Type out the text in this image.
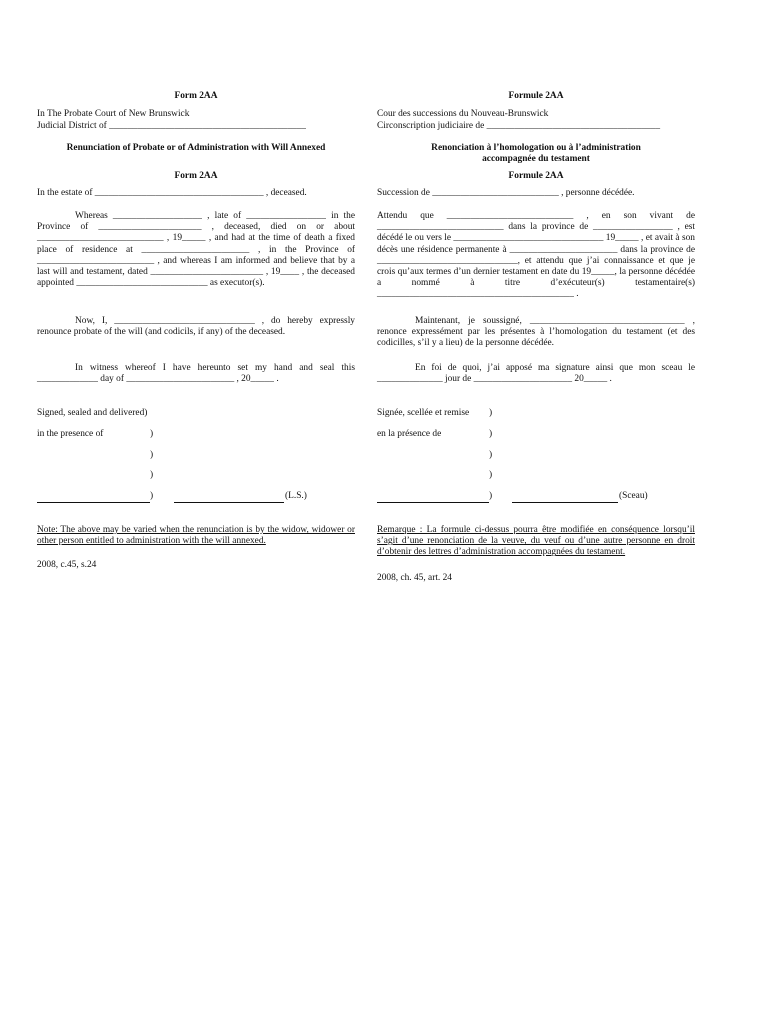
Form 2AA
In The Probate Court of New Brunswick
Judicial District of __________________________________________
Renunciation of Probate or of Administration with Will Annexed
Form 2AA
In the estate of ____________________________________ , deceased.

Whereas ___________________ , late of _________________ in the Province of ______________________ , deceased, died on or about ___________________________ , 19_____ , and had at the time of death a fixed place of residence at _______________________ , in the Province of _________________________ , and whereas I am informed and believe that by a last will and testament, dated ________________________ , 19____ , the deceased appointed ____________________________ as executor(s).

Now, I, ______________________________ , do hereby expressly renounce probate of the will (and codicils, if any) of the deceased.

In witness whereof I have hereunto set my hand and seal this _____________ day of _______________________ , 20_____ .

Signed, sealed and delivered)
in the presence of	)
)
)
)	(L.S.)

Note: The above may be varied when the renunciation is by the widow, widower or other person entitled to administration with the will annexed.

2008, c.45, s.24
Formule 2AA
Cour des successions du Nouveau-Brunswick
Circonscription judiciaire de _____________________________________
Renonciation à l’homologation ou à l’administration accompagnée du testament
Formule 2AA
Succession de ___________________________ , personne décédée.

Attendu que ___________________________ , en son vivant de ___________________________ dans la province de _________________ , est décédé le ou vers le ________________________________ 19_____ , et avait à son décès une résidence permanente à _______________________ dans la province de ______________________________, et attendu que j’ai connaissance et que je crois qu’aux termes d’un dernier testament en date du 19_____, la personne décédée a nommé à titre d’exécuteur(s) testamentaire(s) __________________________________________ .

Maintenant, je soussigné, _________________________________ , renonce expressément par les présentes à l’homologation du testament (et des codicilles, s’il y a lieu) de la personne décédée.

En foi de quoi, j’ai apposé ma signature ainsi que mon sceau le ______________ jour de _____________________ 20_____ .

Signée, scellée et remise )
en la présence de	)
)
)
)	(Sceau)

Remarque : La formule ci-dessus pourra être modifiée en conséquence lorsqu’il s’agit d’une renonciation de la veuve, du veuf ou d’une autre personne en droit d’obtenir des lettres d’administration accompagnées du testament.

2008, ch. 45, art. 24
